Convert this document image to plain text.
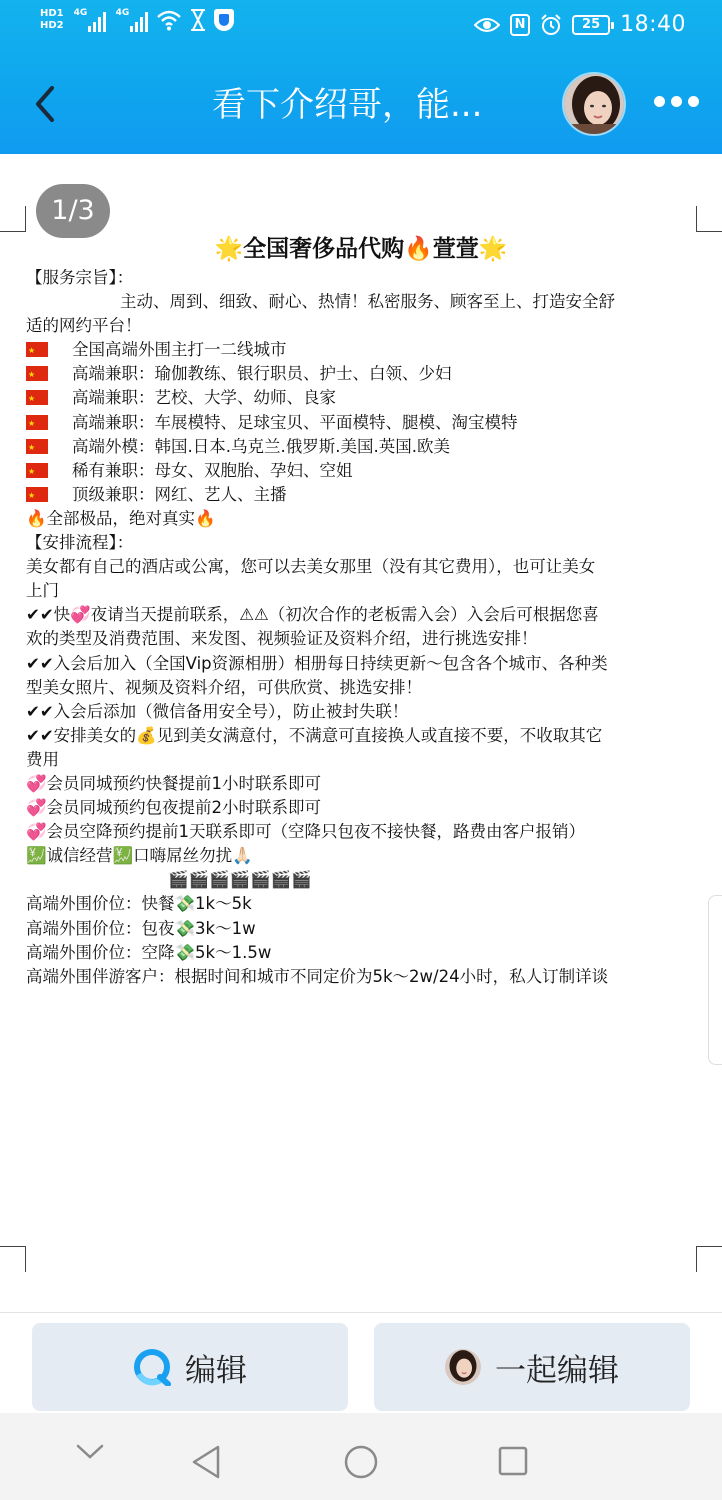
HD1
HD2
4G	4G
N	25 18:40
看下介绍哥，能...
1/3
🌟全国奢侈品代购🔥萱萱🌟
【服务宗旨】：
主动、周到、细致、耐心、热情！私密服务、顾客至上、打造安全舒
适的网约平台！
★全国高端外围主打一二线城市
★高端兼职：瑜伽教练、银行职员、护士、白领、少妇
★高端兼职：艺校、大学、幼师、良家
★高端兼职：车展模特、足球宝贝、平面模特、腿模、淘宝模特
★高端外模：韩国.日本.乌克兰.俄罗斯.美国.英国.欧美
★稀有兼职：母女、双胞胎、孕妇、空姐
★顶级兼职：网红、艺人、主播
🔥全部极品，绝对真实🔥
【安排流程】：
美女都有自己的酒店或公寓，您可以去美女那里（没有其它费用），也可让美女
上门
✔✔快💞夜请当天提前联系，⚠⚠（初次合作的老板需入会）入会后可根据您喜
欢的类型及消费范围、来发图、视频验证及资料介绍，进行挑选安排！
✔✔入会后加入（全国Vip资源相册）相册每日持续更新～包含各个城市、各种类
型美女照片、视频及资料介绍，可供欣赏、挑选安排！
✔✔入会后添加（微信备用安全号），防止被封失联！
✔✔安排美女的💰见到美女满意付，不满意可直接换人或直接不要，不收取其它
费用
💞会员同城预约快餐提前1小时联系即可
💞会员同城预约包夜提前2小时联系即可
💞会员空降预约提前1天联系即可（空降只包夜不接快餐，路费由客户报销）
💹诚信经营💹口嗨屌丝勿扰🙏🏻
🎬🎬🎬🎬🎬🎬🎬
高端外围价位：快餐💸1k～5k
高端外围价位：包夜💸3k～1w
高端外围价位：空降💸5k～1.5w
高端外围伴游客户：根据时间和城市不同定价为5k～2w/24小时，私人订制详谈
编辑	一起编辑
